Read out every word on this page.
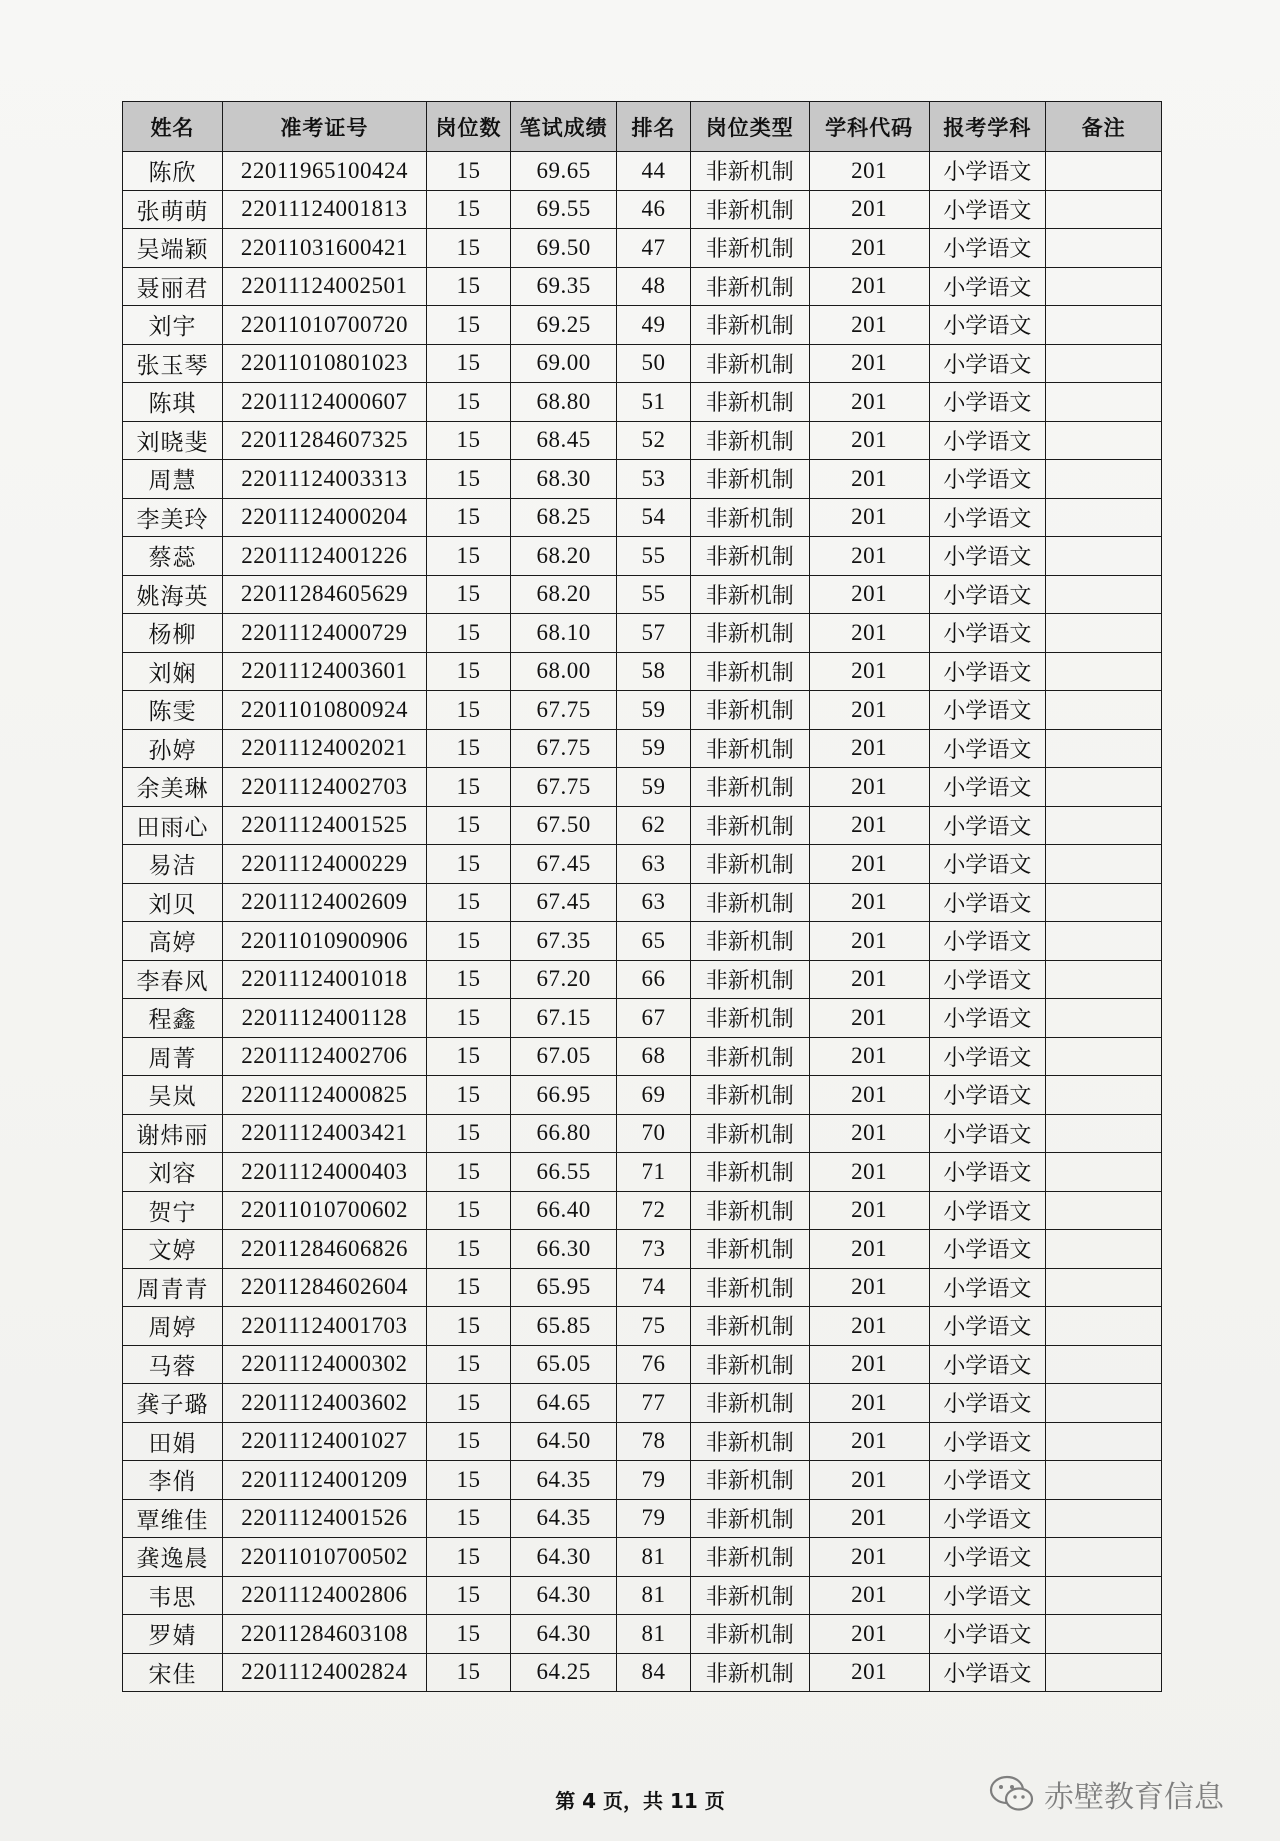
姓名	准考证号	岗位数	笔试成绩	排名	岗位类型	学科代码	报考学科	备注
陈欣	22011965100424	15	69.65	44	非新机制	201	小学语文	
张萌萌	22011124001813	15	69.55	46	非新机制	201	小学语文	
吴端颖	22011031600421	15	69.50	47	非新机制	201	小学语文	
聂丽君	22011124002501	15	69.35	48	非新机制	201	小学语文	
刘宇	22011010700720	15	69.25	49	非新机制	201	小学语文	
张玉琴	22011010801023	15	69.00	50	非新机制	201	小学语文	
陈琪	22011124000607	15	68.80	51	非新机制	201	小学语文	
刘晓斐	22011284607325	15	68.45	52	非新机制	201	小学语文	
周慧	22011124003313	15	68.30	53	非新机制	201	小学语文	
李美玲	22011124000204	15	68.25	54	非新机制	201	小学语文	
蔡蕊	22011124001226	15	68.20	55	非新机制	201	小学语文	
姚海英	22011284605629	15	68.20	55	非新机制	201	小学语文	
杨柳	22011124000729	15	68.10	57	非新机制	201	小学语文	
刘娴	22011124003601	15	68.00	58	非新机制	201	小学语文	
陈雯	22011010800924	15	67.75	59	非新机制	201	小学语文	
孙婷	22011124002021	15	67.75	59	非新机制	201	小学语文	
余美琳	22011124002703	15	67.75	59	非新机制	201	小学语文	
田雨心	22011124001525	15	67.50	62	非新机制	201	小学语文	
易洁	22011124000229	15	67.45	63	非新机制	201	小学语文	
刘贝	22011124002609	15	67.45	63	非新机制	201	小学语文	
高婷	22011010900906	15	67.35	65	非新机制	201	小学语文	
李春风	22011124001018	15	67.20	66	非新机制	201	小学语文	
程鑫	22011124001128	15	67.15	67	非新机制	201	小学语文	
周菁	22011124002706	15	67.05	68	非新机制	201	小学语文	
吴岚	22011124000825	15	66.95	69	非新机制	201	小学语文	
谢炜丽	22011124003421	15	66.80	70	非新机制	201	小学语文	
刘容	22011124000403	15	66.55	71	非新机制	201	小学语文	
贺宁	22011010700602	15	66.40	72	非新机制	201	小学语文	
文婷	22011284606826	15	66.30	73	非新机制	201	小学语文	
周青青	22011284602604	15	65.95	74	非新机制	201	小学语文	
周婷	22011124001703	15	65.85	75	非新机制	201	小学语文	
马蓉	22011124000302	15	65.05	76	非新机制	201	小学语文	
龚子璐	22011124003602	15	64.65	77	非新机制	201	小学语文	
田娟	22011124001027	15	64.50	78	非新机制	201	小学语文	
李俏	22011124001209	15	64.35	79	非新机制	201	小学语文	
覃维佳	22011124001526	15	64.35	79	非新机制	201	小学语文	
龚逸晨	22011010700502	15	64.30	81	非新机制	201	小学语文	
韦思	22011124002806	15	64.30	81	非新机制	201	小学语文	
罗婧	22011284603108	15	64.30	81	非新机制	201	小学语文	
宋佳	22011124002824	15	64.25	84	非新机制	201	小学语文	
第 4 页，共 11 页	赤壁教育信息
